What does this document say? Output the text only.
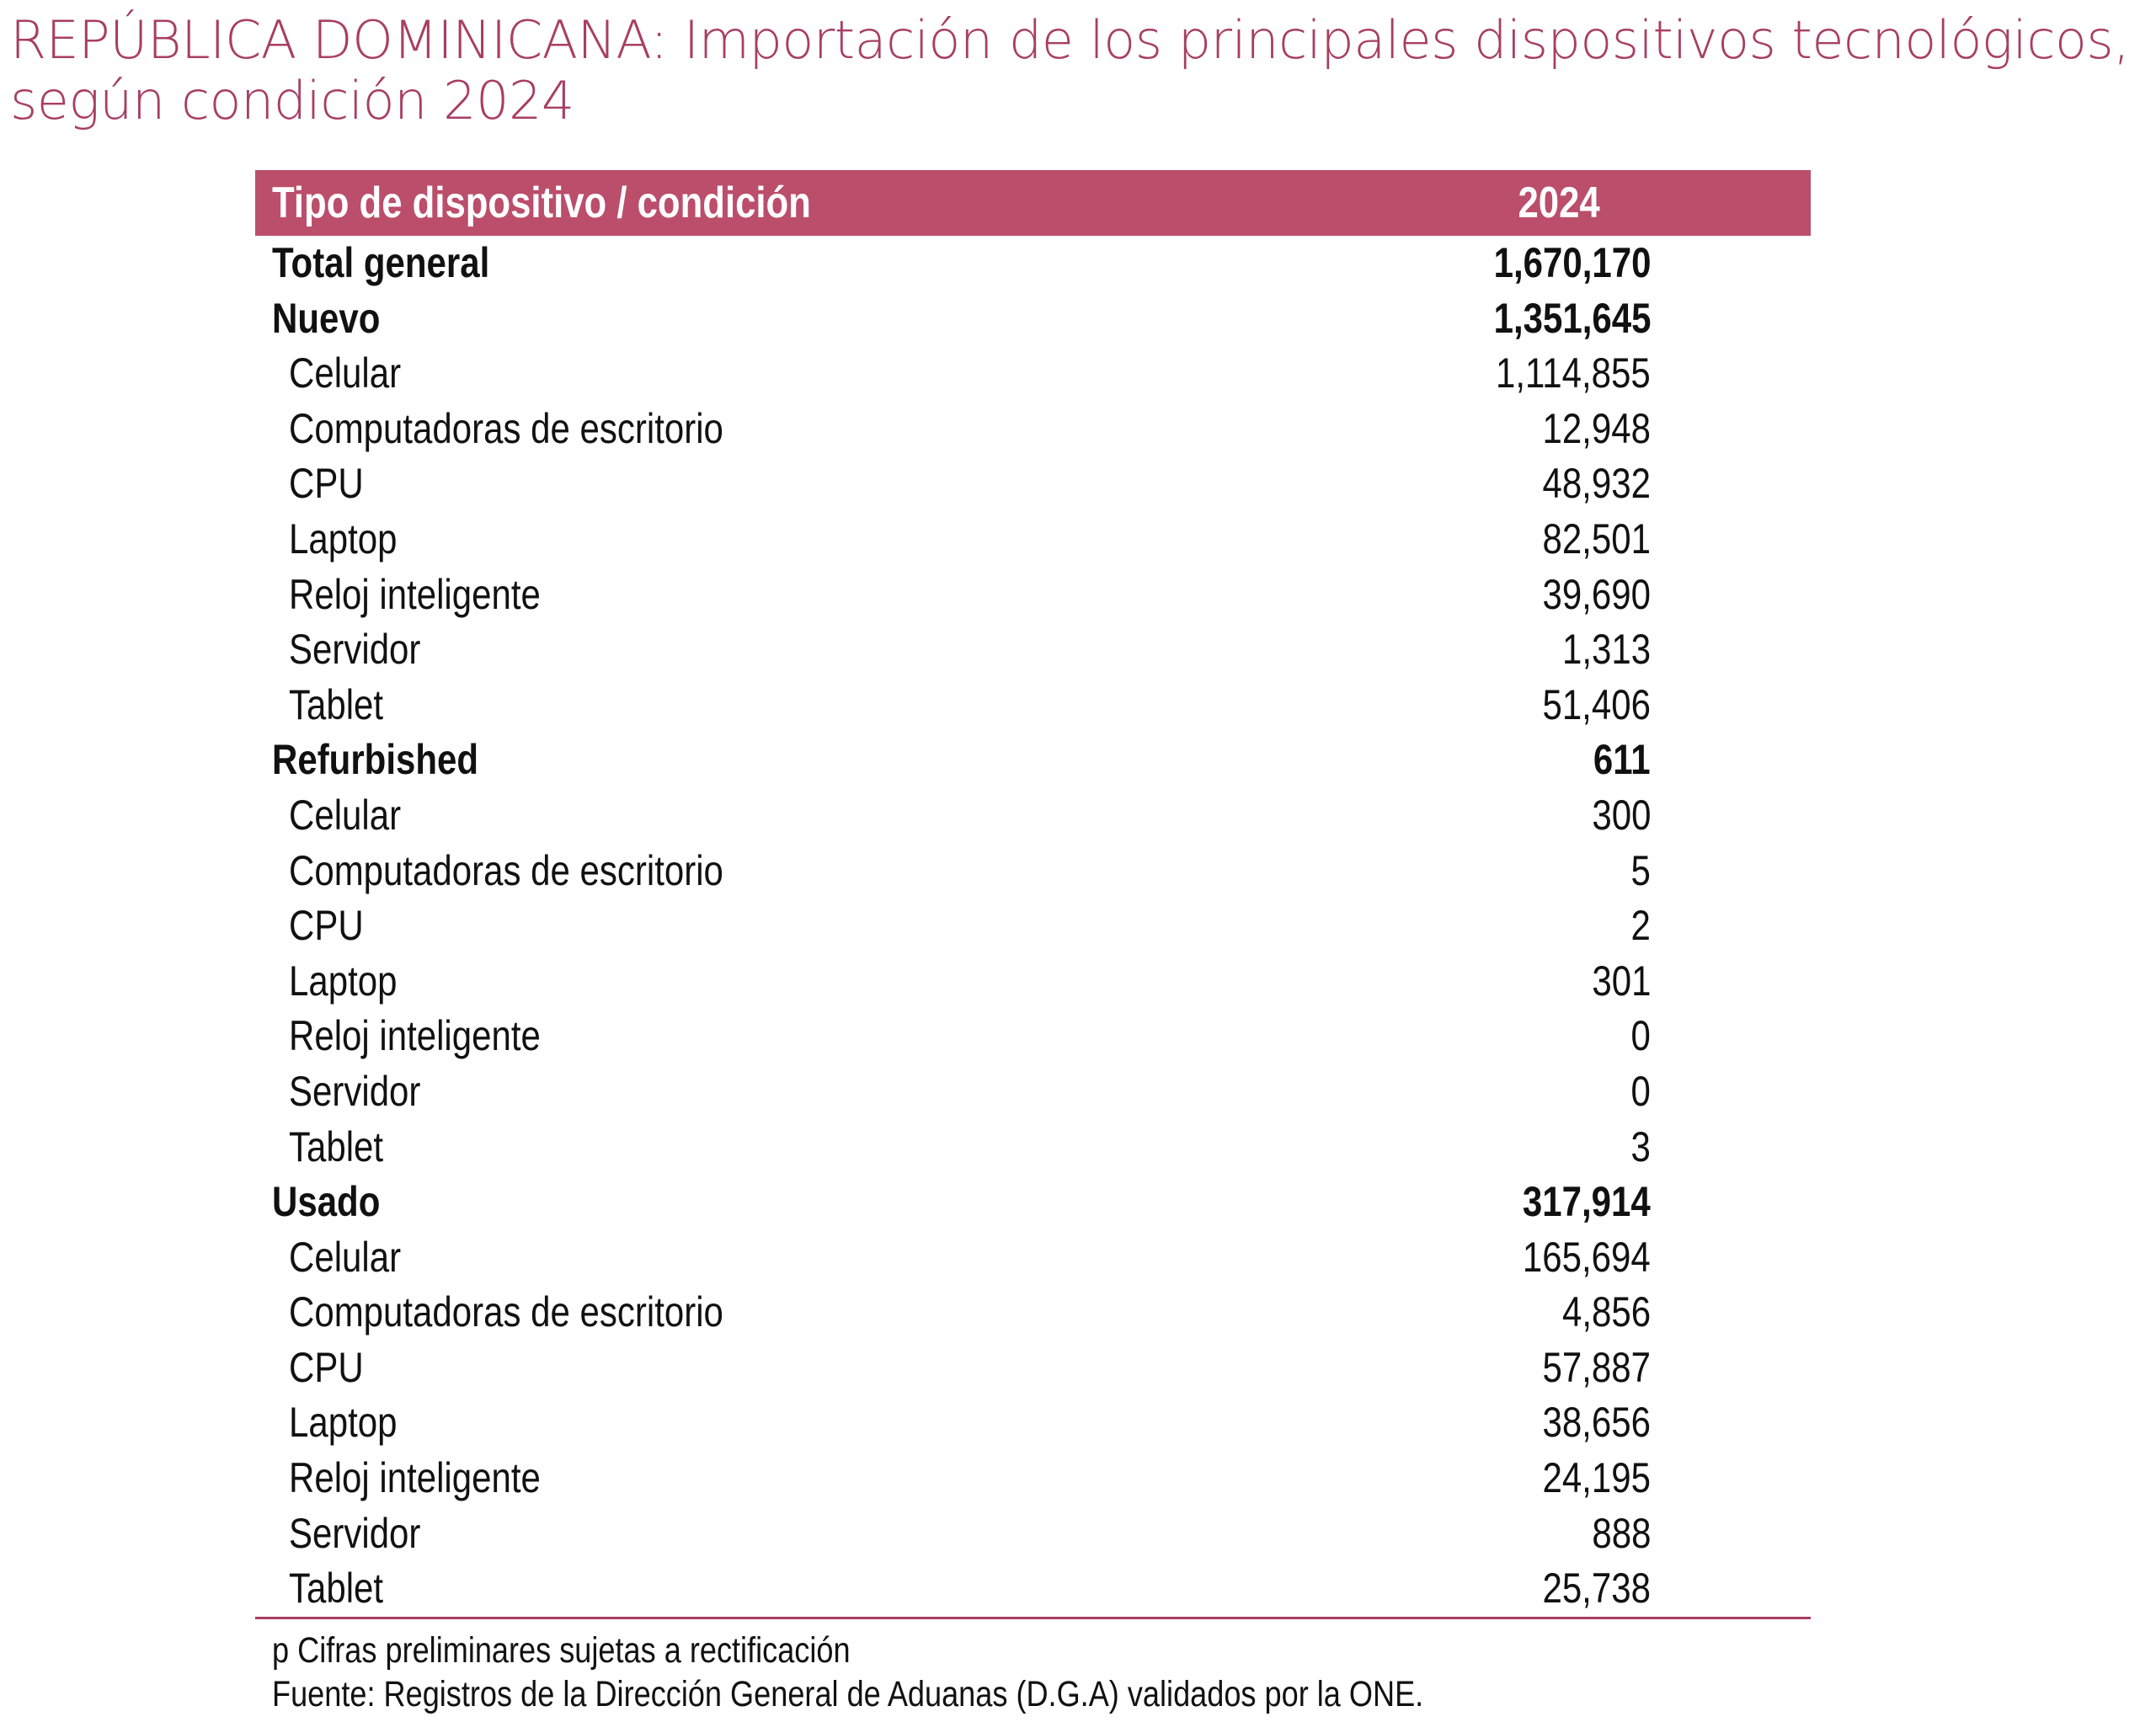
REPÚBLICA DOMINICANA: Importación de los principales dispositivos tecnológicos, según condición 2024
Tipo de dispositivo / condición	2024
Total general	1,670,170
Nuevo	1,351,645
Celular	1,114,855
Computadoras de escritorio	12,948
CPU	48,932
Laptop	82,501
Reloj inteligente	39,690
Servidor	1,313
Tablet	51,406
Refurbished	611
Celular	300
Computadoras de escritorio	5
CPU	2
Laptop	301
Reloj inteligente	0
Servidor	0
Tablet	3
Usado	317,914
Celular	165,694
Computadoras de escritorio	4,856
CPU	57,887
Laptop	38,656
Reloj inteligente	24,195
Servidor	888
Tablet	25,738
p Cifras preliminares sujetas a rectificación
Fuente: Registros de la Dirección General de Aduanas (D.G.A) validados por la ONE.
